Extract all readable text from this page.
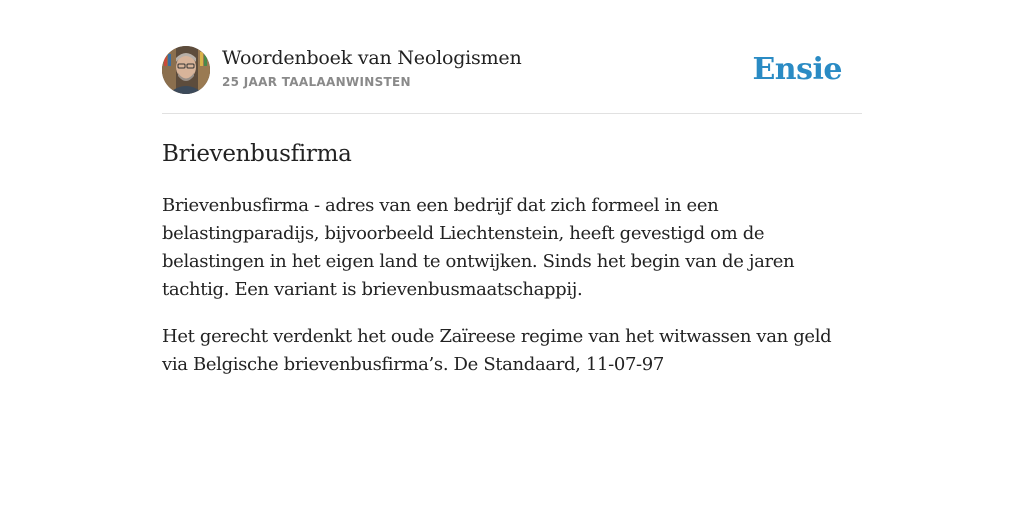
Woordenboek van Neologismen
25 JAAR TAALAANWINSTEN	Ensie
Brievenbusfirma

Brievenbusfirma - adres van een bedrijf dat zich formeel in een belastingparadijs, bijvoorbeeld Liechtenstein, heeft gevestigd om de belastingen in het eigen land te ontwijken. Sinds het begin van de jaren tachtig. Een variant is brievenbusmaatschappij.

Het gerecht verdenkt het oude Zaïreese regime van het witwassen van geld via Belgische brievenbusfirma’s. De Standaard, 11-07-97
